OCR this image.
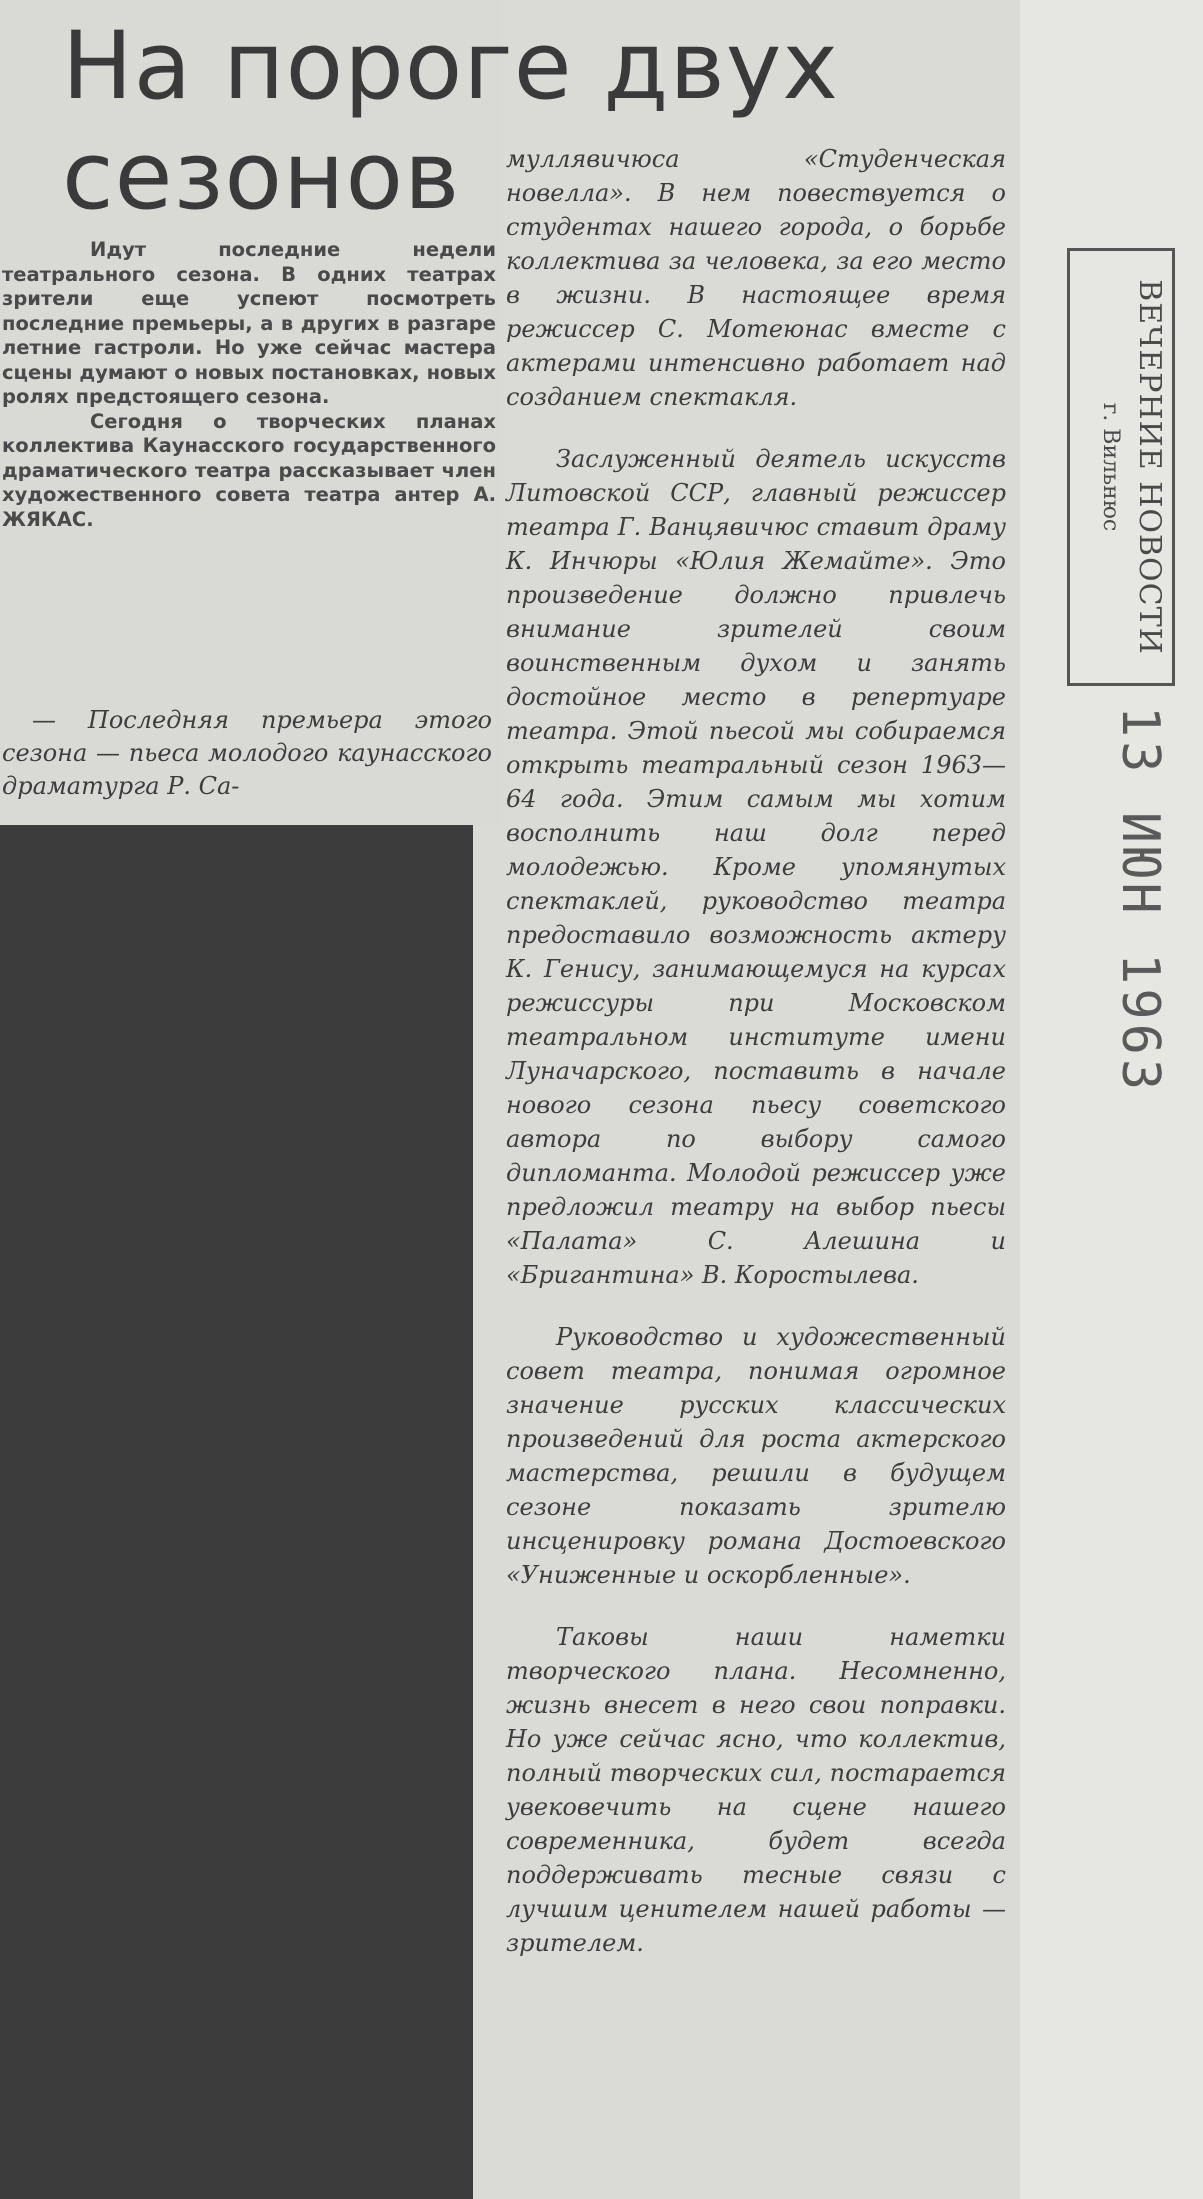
На пороге двух
сезонов

Идут последние недели театрального сезона. В одних театрах зрители еще успеют посмотреть последние премьеры, а в других в разгаре летние гастроли. Но уже сейчас мастера сцены думают о новых постановках, новых ролях предстоящего сезона.

Сегодня о творческих планах коллектива Каунасского государственного драматического театра рассказывает член художественного совета театра антер А. ЖЯКАС.

— Последняя премьера этого сезона — пьеса молодого каунасского драматурга Р. Са-

муллявичюса «Студенческая новелла». В нем повествуется о студентах нашего города, о борьбе коллектива за человека, за его место в жизни. В настоящее время режиссер С. Мотеюнас вместе с актерами интенсивно работает над созданием спектакля.

Заслуженный деятель искусств Литовской ССР, главный режиссер театра Г. Ванцявичюс ставит драму К. Инчюры «Юлия Жемайте». Это произведение должно привлечь внимание зрителей своим воинственным духом и занять достойное место в репертуаре театра. Этой пьесой мы собираемся открыть театральный сезон 1963—64 года. Этим самым мы хотим восполнить наш долг перед молодежью. Кроме упомянутых спектаклей, руководство театра предоставило возможность актеру К. Генису, занимающемуся на курсах режиссуры при Московском театральном институте имени Луначарского, поставить в начале нового сезона пьесу советского автора по выбору самого дипломанта. Молодой режиссер уже предложил театру на выбор пьесы «Палата» С. Алешина и «Бригантина» В. Коростылева.

Руководство и художественный совет театра, понимая огромное значение русских классических произведений для роста актерского мастерства, решили в будущем сезоне показать зрителю инсценировку романа Достоевского «Униженные и оскорбленные».

Таковы наши наметки творческого плана. Несомненно, жизнь внесет в него свои поправки. Но уже сейчас ясно, что коллектив, полный творческих сил, постарается увековечить на сцене нашего современника, будет всегда поддерживать тесные связи с лучшим ценителем нашей работы — зрителем.

ВЕЧЕРНИЕ НОВОСТИ
г. Вильнюс
13 ИЮН 1963
